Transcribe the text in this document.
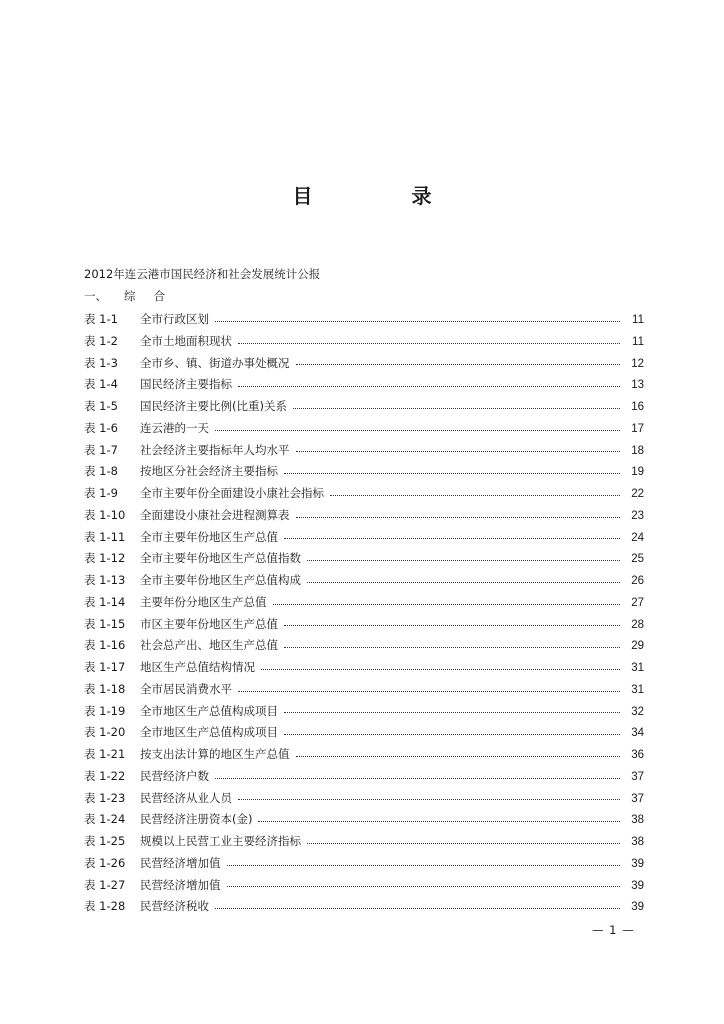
目 录
2012年连云港市国民经济和社会发展统计公报
一、 综合
表 1-1	全市行政区划	11
表 1-2	全市土地面积现状	11
表 1-3	全市乡、镇、街道办事处概况	12
表 1-4	国民经济主要指标	13
表 1-5	国民经济主要比例(比重)关系	16
表 1-6	连云港的一天	17
表 1-7	社会经济主要指标年人均水平	18
表 1-8	按地区分社会经济主要指标	19
表 1-9	全市主要年份全面建设小康社会指标	22
表 1-10	全面建设小康社会进程测算表	23
表 1-11	全市主要年份地区生产总值	24
表 1-12	全市主要年份地区生产总值指数	25
表 1-13	全市主要年份地区生产总值构成	26
表 1-14	主要年份分地区生产总值	27
表 1-15	市区主要年份地区生产总值	28
表 1-16	社会总产出、地区生产总值	29
表 1-17	地区生产总值结构情况	31
表 1-18	全市居民消费水平	31
表 1-19	全市地区生产总值构成项目	32
表 1-20	全市地区生产总值构成项目	34
表 1-21	按支出法计算的地区生产总值	36
表 1-22	民营经济户数	37
表 1-23	民营经济从业人员	37
表 1-24	民营经济注册资本(金)	38
表 1-25	规模以上民营工业主要经济指标	38
表 1-26	民营经济增加值	39
表 1-27	民营经济增加值	39
表 1-28	民营经济税收	39
— 1 —
